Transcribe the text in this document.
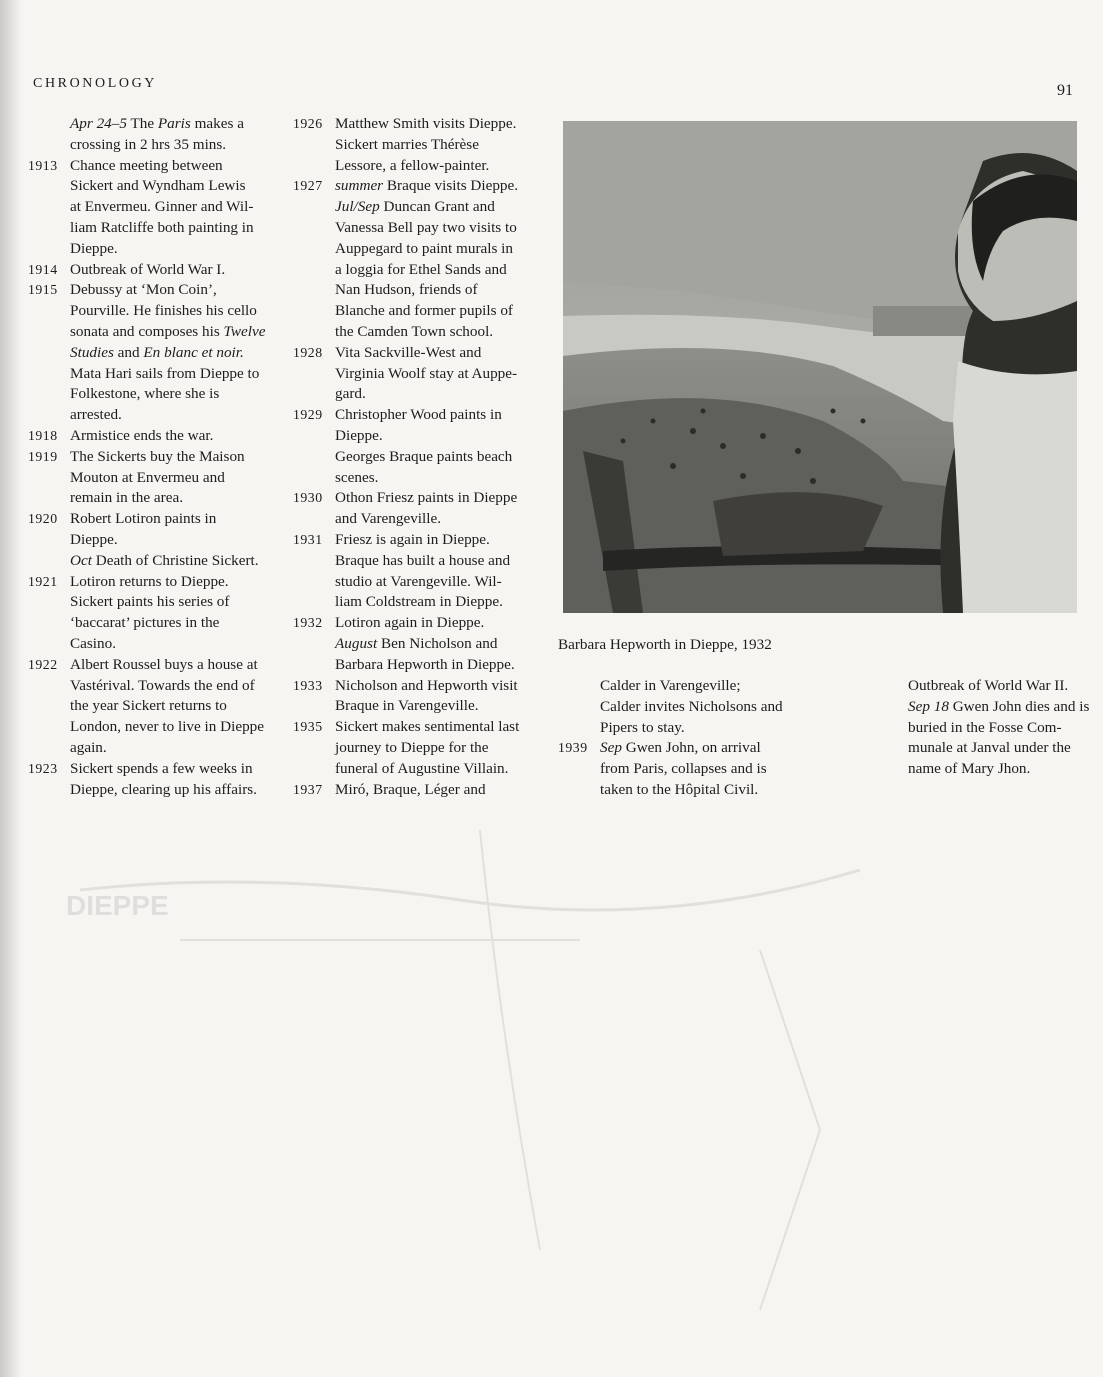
DIEPPE
CHRONOLOGY	91
Apr 24–5 The Paris makes a
crossing in 2 hrs 35 mins.
1913 Chance meeting between
Sickert and Wyndham Lewis
at Envermeu. Ginner and Wil-
liam Ratcliffe both painting in
Dieppe.
1914 Outbreak of World War I.
1915 Debussy at ‘Mon Coin’,
Pourville. He finishes his cello
sonata and composes his Twelve
Studies and En blanc et noir.
Mata Hari sails from Dieppe to
Folkestone, where she is
arrested.
1918 Armistice ends the war.
1919 The Sickerts buy the Maison
Mouton at Envermeu and
remain in the area.
1920 Robert Lotiron paints in
Dieppe.
Oct Death of Christine Sickert.
1921 Lotiron returns to Dieppe.
Sickert paints his series of
‘baccarat’ pictures in the
Casino.
1922 Albert Roussel buys a house at
Vastérival. Towards the end of
the year Sickert returns to
London, never to live in Dieppe
again.
1923 Sickert spends a few weeks in
Dieppe, clearing up his affairs.
1926 Matthew Smith visits Dieppe.
Sickert marries Thérèse
Lessore, a fellow-painter.
1927 summer Braque visits Dieppe.
Jul/Sep Duncan Grant and
Vanessa Bell pay two visits to
Auppegard to paint murals in
a loggia for Ethel Sands and
Nan Hudson, friends of
Blanche and former pupils of
the Camden Town school.
1928 Vita Sackville-West and
Virginia Woolf stay at Auppe-
gard.
1929 Christopher Wood paints in
Dieppe.
Georges Braque paints beach
scenes.
1930 Othon Friesz paints in Dieppe
and Varengeville.
1931 Friesz is again in Dieppe.
Braque has built a house and
studio at Varengeville. Wil-
liam Coldstream in Dieppe.
1932 Lotiron again in Dieppe.
August Ben Nicholson and
Barbara Hepworth in Dieppe.
1933 Nicholson and Hepworth visit
Braque in Varengeville.
1935 Sickert makes sentimental last
journey to Dieppe for the
funeral of Augustine Villain.
1937 Miró, Braque, Léger and
Barbara Hepworth in Dieppe, 1932
Calder in Varengeville;
Calder invites Nicholsons and
Pipers to stay.
1939 Sep Gwen John, on arrival
from Paris, collapses and is
taken to the Hôpital Civil.
Outbreak of World War II.
Sep 18 Gwen John dies and is
buried in the Fosse Com-
munale at Janval under the
name of Mary Jhon.
